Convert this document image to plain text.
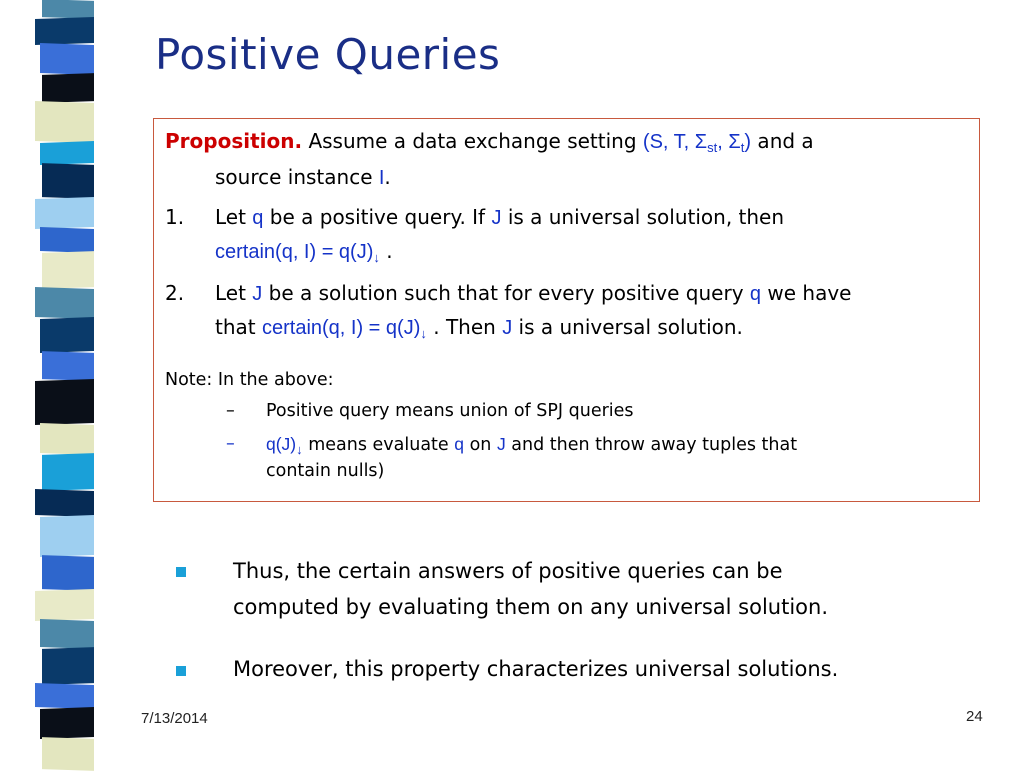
Positive Queries
Proposition. Assume a data exchange setting (S, T, $\Sigma_{st}$, $\Sigma_t$) and a
source instance I.
1. Let q be a positive query. If J is a universal solution, then
certain(q, $I) = q(J)_↓$ .
2. Let J be a solution such that for every positive query q we have
that certain(q, $I) = q(J)_↓$ . Then J is a universal solution.
Note: In the above:
– Positive query means union of SPJ queries
– $q(J)_↓$ means evaluate q on J and then throw away tuples that
contain nulls)
Thus, the certain answers of positive queries can be
computed by evaluating them on any universal solution.
Moreover, this property characterizes universal solutions.
7/13/2014	24
